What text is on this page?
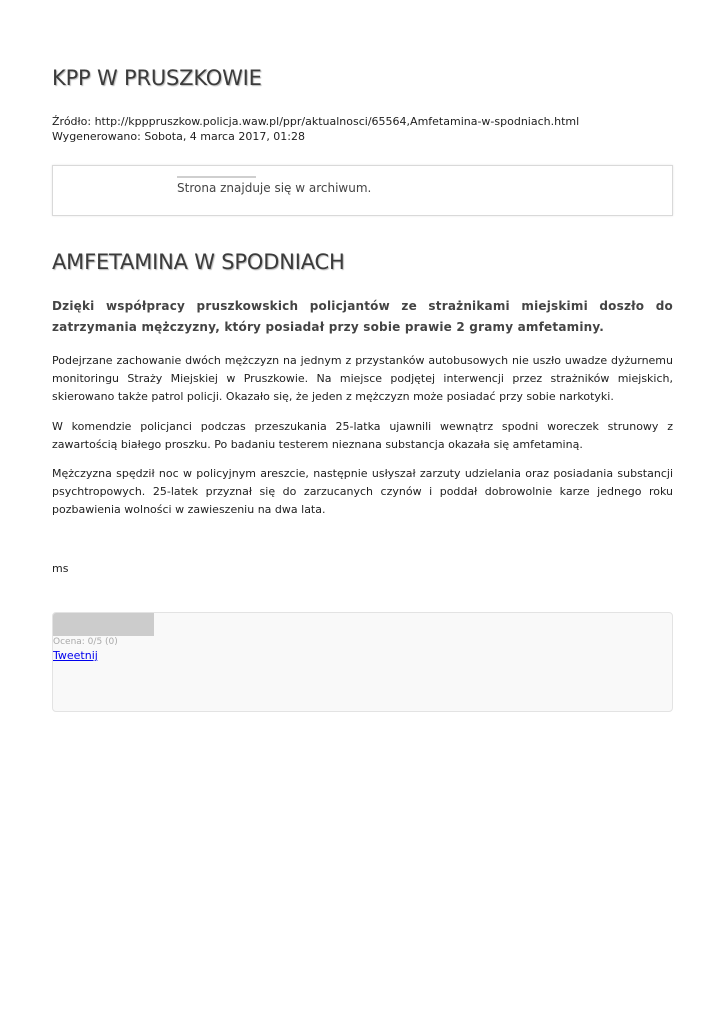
KPP W PRUSZKOWIE
Źródło: http://kpppruszkow.policja.waw.pl/ppr/aktualnosci/65564,Amfetamina-w-spodniach.html
Wygenerowano: Sobota, 4 marca 2017, 01:28
Strona znajduje się w archiwum.
AMFETAMINA W SPODNIACH

Dzięki współpracy pruszkowskich policjantów ze strażnikami miejskimi doszło do zatrzymania mężczyzny, który posiadał przy sobie prawie 2 gramy amfetaminy.

Podejrzane zachowanie dwóch mężczyzn na jednym z przystanków autobusowych nie uszło uwadze dyżurnemu monitoringu Straży Miejskiej w Pruszkowie. Na miejsce podjętej interwencji przez strażników miejskich, skierowano także patrol policji. Okazało się, że jeden z mężczyzn może posiadać przy sobie narkotyki.

W komendzie policjanci podczas przeszukania 25-latka ujawnili wewnątrz spodni woreczek strunowy z zawartością białego proszku. Po badaniu testerem nieznana substancja okazała się amfetaminą.

Mężczyzna spędził noc w policyjnym areszcie, następnie usłyszał zarzuty udzielania oraz posiadania substancji psychtropowych. 25-latek przyznał się do zarzucanych czynów i poddał dobrowolnie karze jednego roku pozbawienia wolności w zawieszeniu na dwa lata.

ms
Ocena: 0/5 (0)
Tweetnij
